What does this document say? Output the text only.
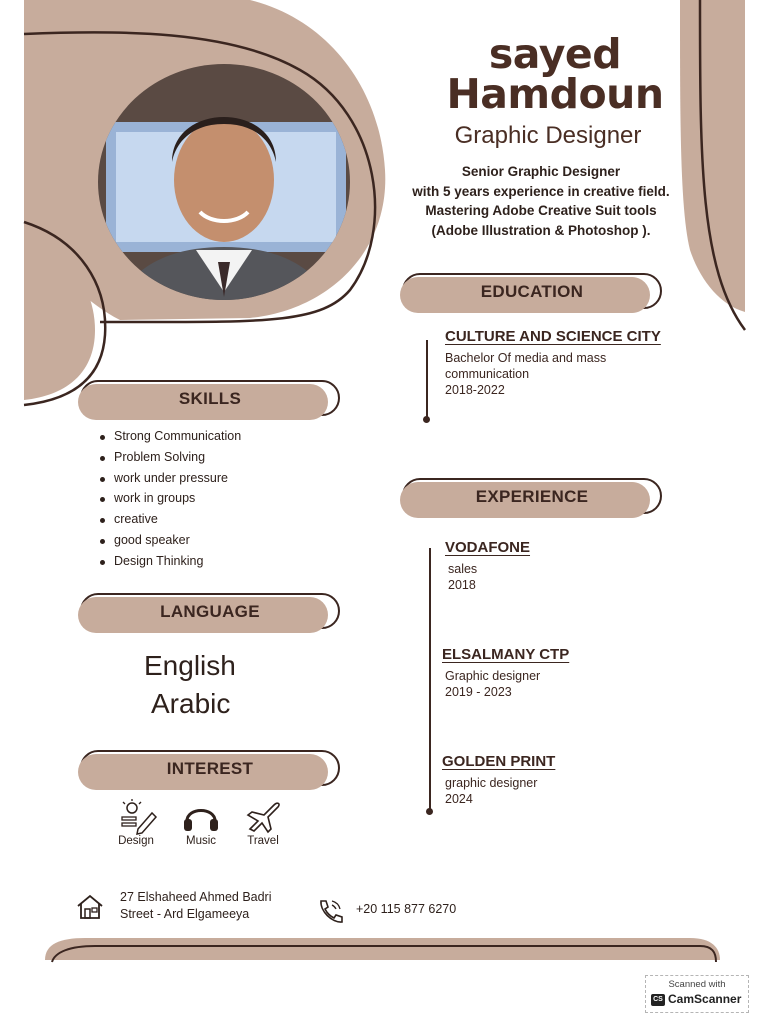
sayed
Hamdoun
Graphic Designer
Senior Graphic Designer
with 5 years experience in creative field.
Mastering Adobe Creative Suit tools
(Adobe Illustration & Photoshop ).
EDUCATION
CULTURE AND SCIENCE CITY
Bachelor Of media and mass
communication
2018-2022
EXPERIENCE
VODAFONE
sales
2018
ELSALMANY CTP
Graphic designer
2019 - 2023
GOLDEN PRINT
graphic designer
2024
SKILLS
Strong Communication
Problem Solving
work under pressure
work in groups
creative
good speaker
Design Thinking
LANGUAGE
English
Arabic
INTEREST
Design	Music	Travel
27 Elshaheed Ahmed Badri
Street - Ard Elgameeya	+20 115 877 6270
Scanned with
CS CamScanner
